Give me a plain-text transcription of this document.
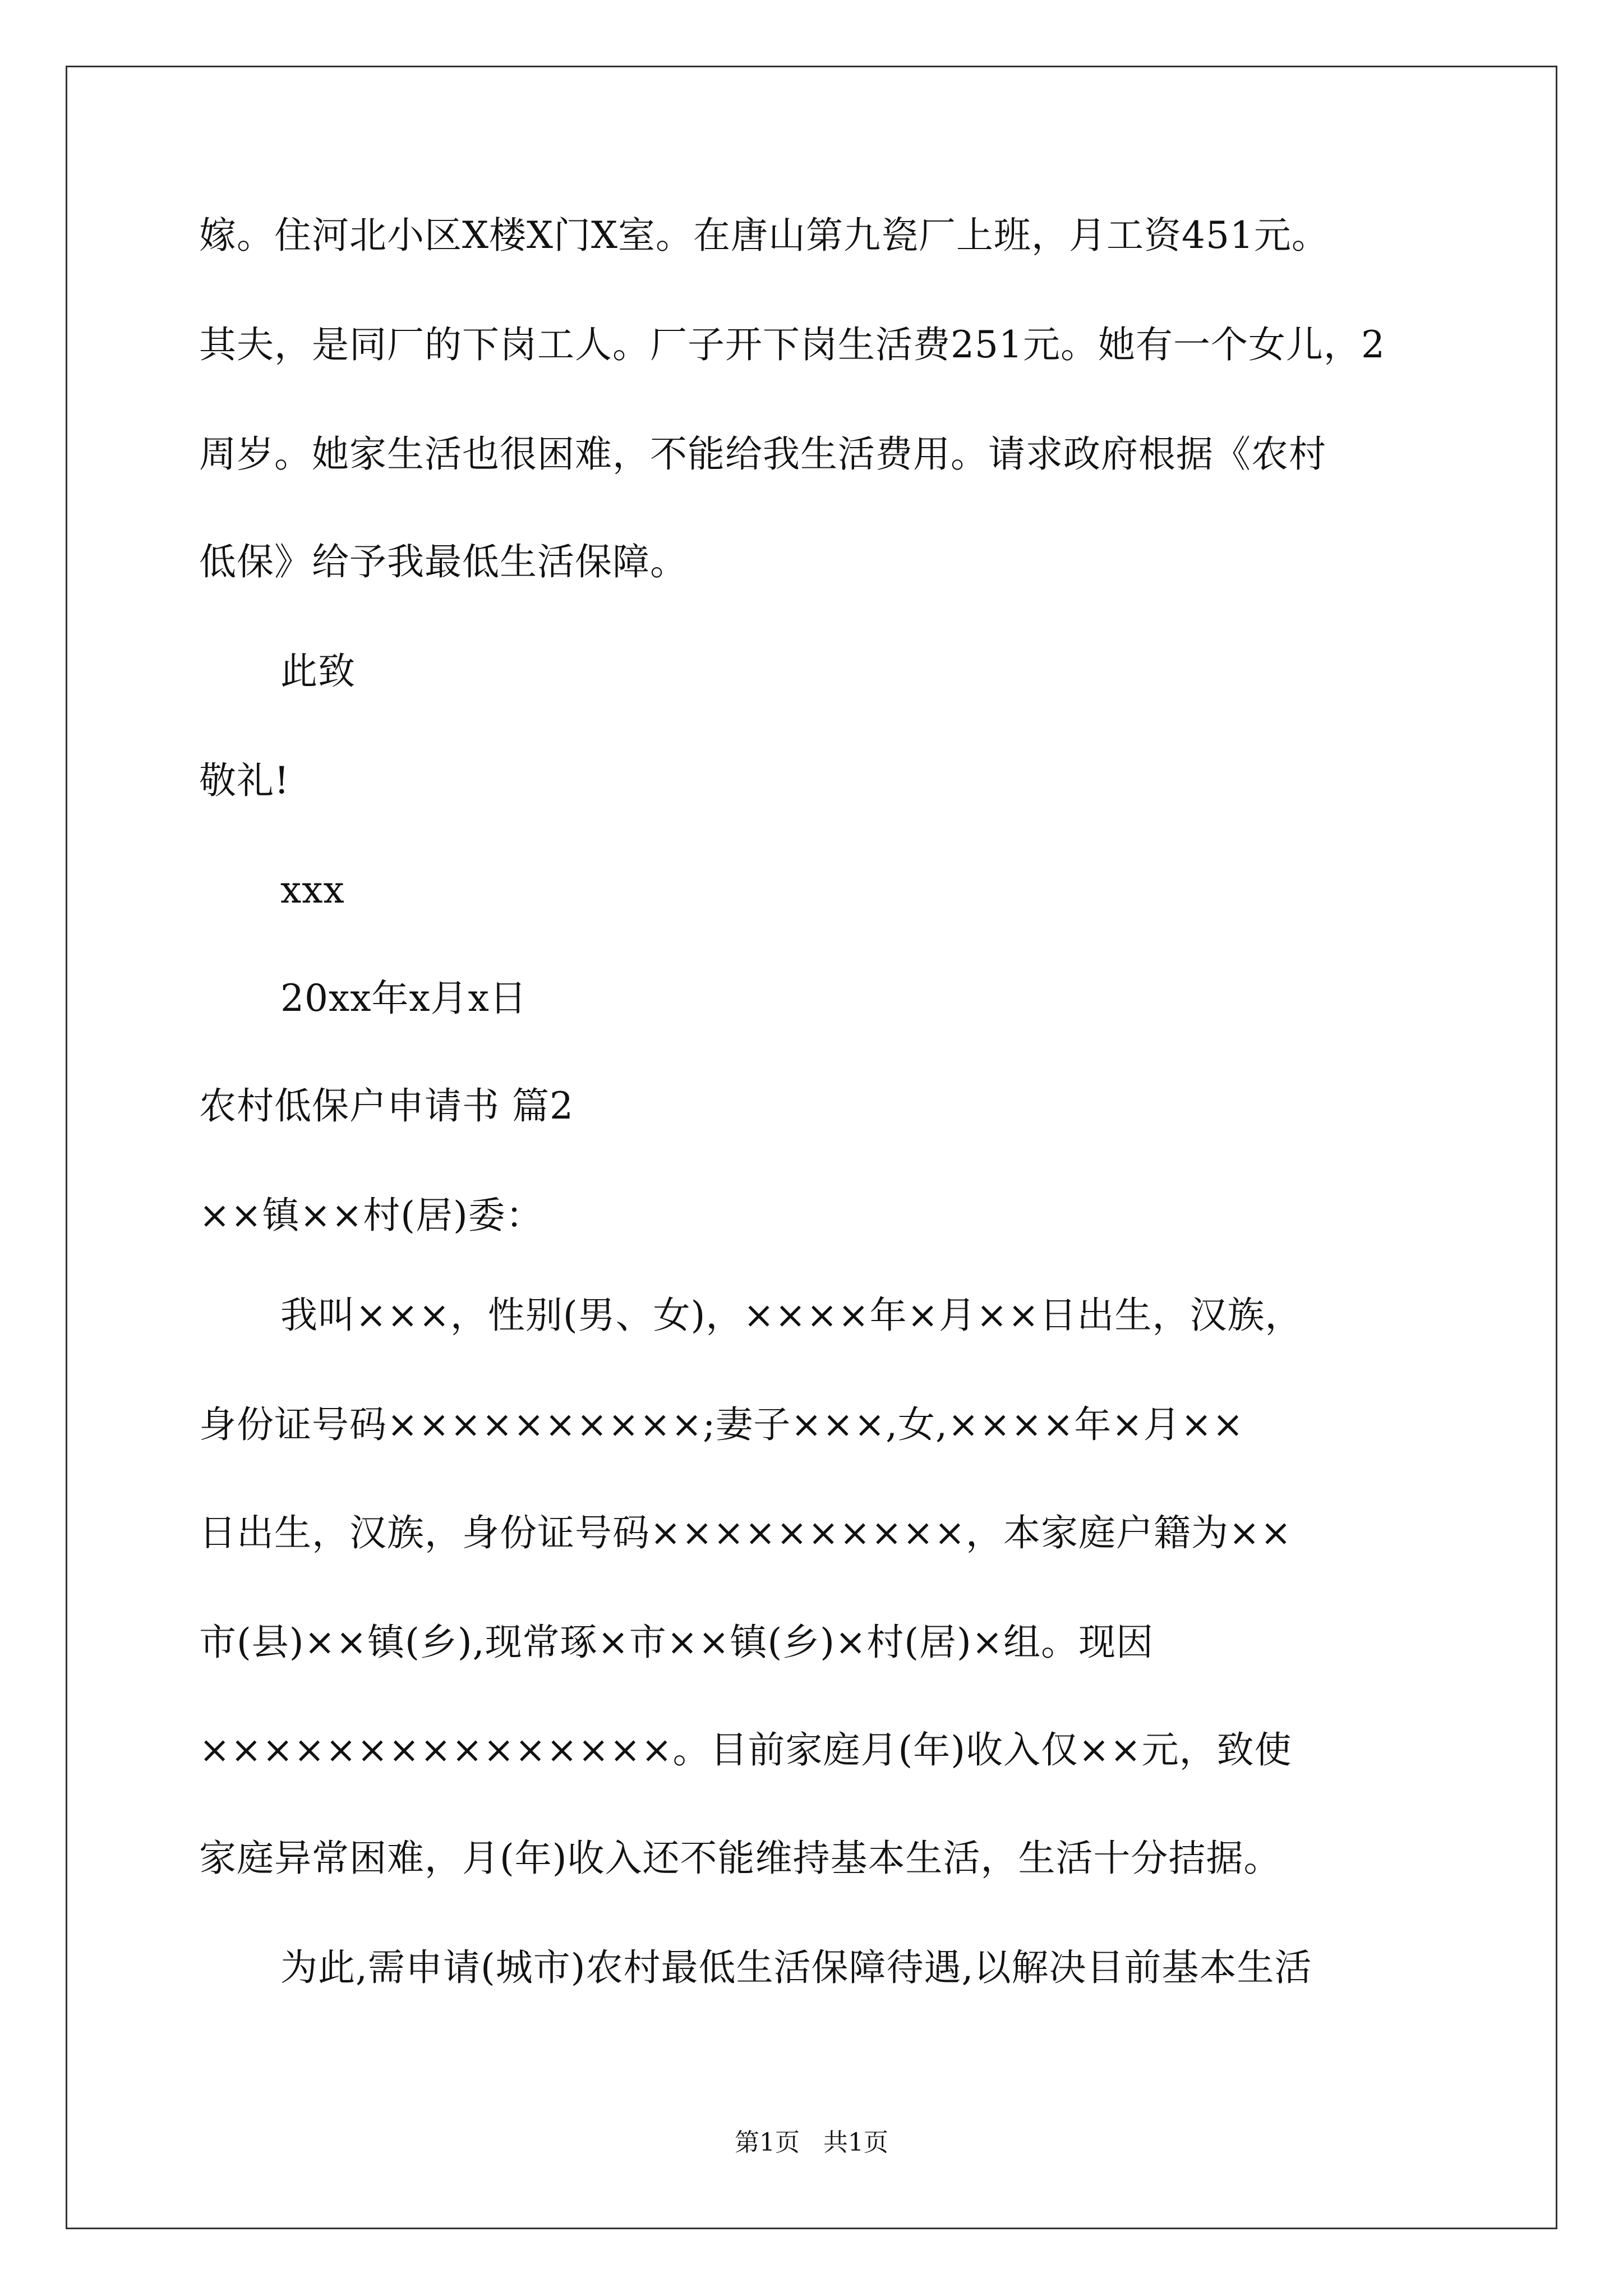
嫁。住河北小区X楼X门X室。在唐山第九瓷厂上班，月工资451元。
其夫，是同厂的下岗工人。厂子开下岗生活费251元。她有一个女儿，2
周岁。她家生活也很困难，不能给我生活费用。请求政府根据《农村
低保》给予我最低生活保障。
此致
敬礼!
xxx
20xx年x月x日
农村低保户申请书 篇2
××镇××村(居)委：
我叫×××，性别(男、女)，××××年×月××日出生，汉族，
身份证号码××××××××××;妻子×××,女,××××年×月××
日出生，汉族，身份证号码××××××××××，本家庭户籍为××
市(县)××镇(乡),现常琢×市××镇(乡)×村(居)×组。现因
×××××××××××××××。目前家庭月(年)收入仅××元，致使
家庭异常困难，月(年)收入还不能维持基本生活，生活十分拮据。
为此,需申请(城市)农村最低生活保障待遇,以解决目前基本生活
第1页   共1页
